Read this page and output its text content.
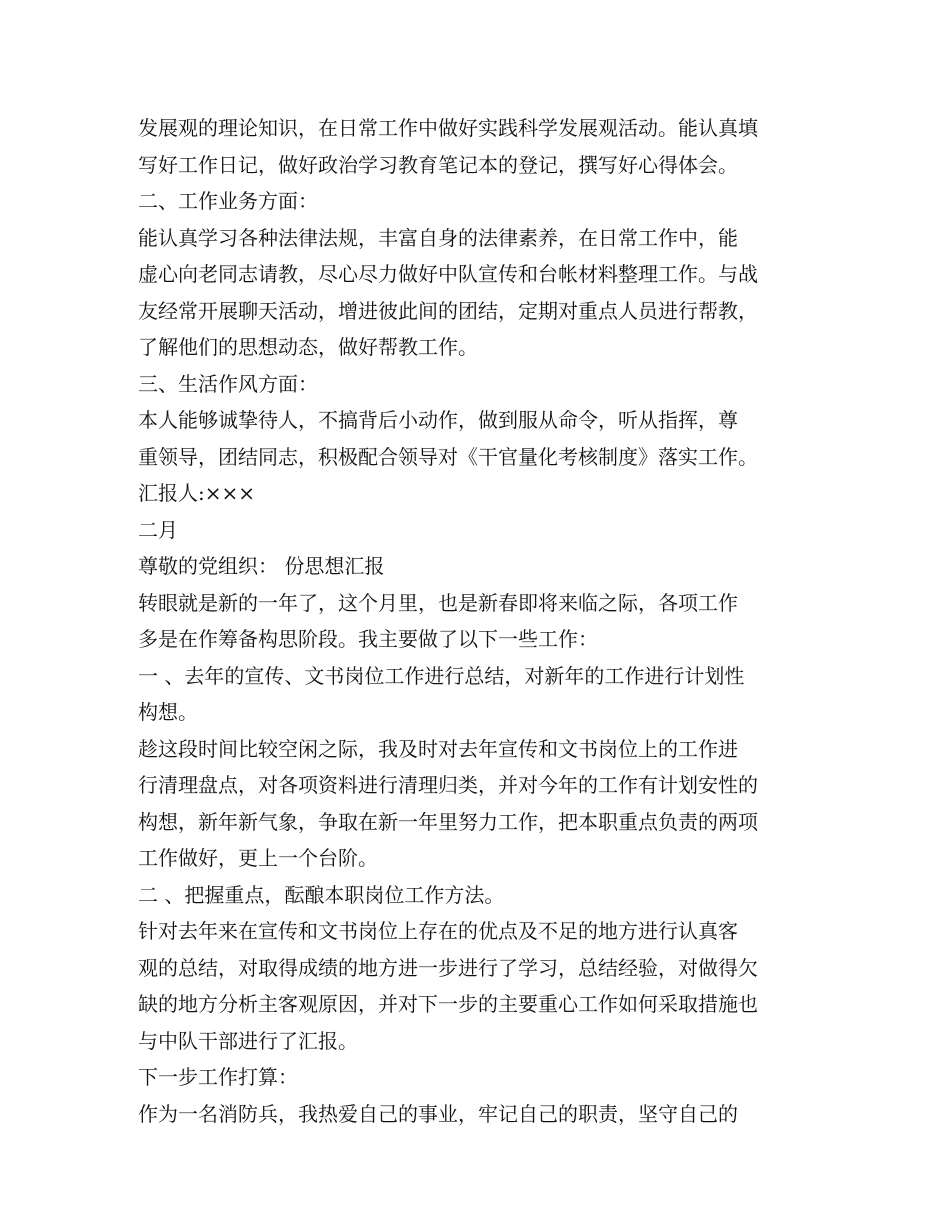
发展观的理论知识，在日常工作中做好实践科学发展观活动。能认真填
写好工作日记，做好政治学习教育笔记本的登记，撰写好心得体会。
二、工作业务方面：
能认真学习各种法律法规，丰富自身的法律素养，在日常工作中，能
虚心向老同志请教，尽心尽力做好中队宣传和台帐材料整理工作。与战
友经常开展聊天活动，增进彼此间的团结，定期对重点人员进行帮教，
了解他们的思想动态，做好帮教工作。
三、生活作风方面：
本人能够诚挚待人，不搞背后小动作，做到服从命令，听从指挥，尊
重领导，团结同志，积极配合领导对《干官量化考核制度》落实工作。
汇报人:×××
二月
尊敬的党组织： 份思想汇报
转眼就是新的一年了，这个月里，也是新春即将来临之际，各项工作
多是在作筹备构思阶段。我主要做了以下一些工作：
一 、去年的宣传、文书岗位工作进行总结，对新年的工作进行计划性
构想。
趁这段时间比较空闲之际，我及时对去年宣传和文书岗位上的工作进
行清理盘点，对各项资料进行清理归类，并对今年的工作有计划安性的
构想，新年新气象，争取在新一年里努力工作，把本职重点负责的两项
工作做好，更上一个台阶。
二 、把握重点，酝酿本职岗位工作方法。
针对去年来在宣传和文书岗位上存在的优点及不足的地方进行认真客
观的总结，对取得成绩的地方进一步进行了学习，总结经验，对做得欠
缺的地方分析主客观原因，并对下一步的主要重心工作如何采取措施也
与中队干部进行了汇报。
下一步工作打算：
作为一名消防兵，我热爱自己的事业，牢记自己的职责，坚守自己的
